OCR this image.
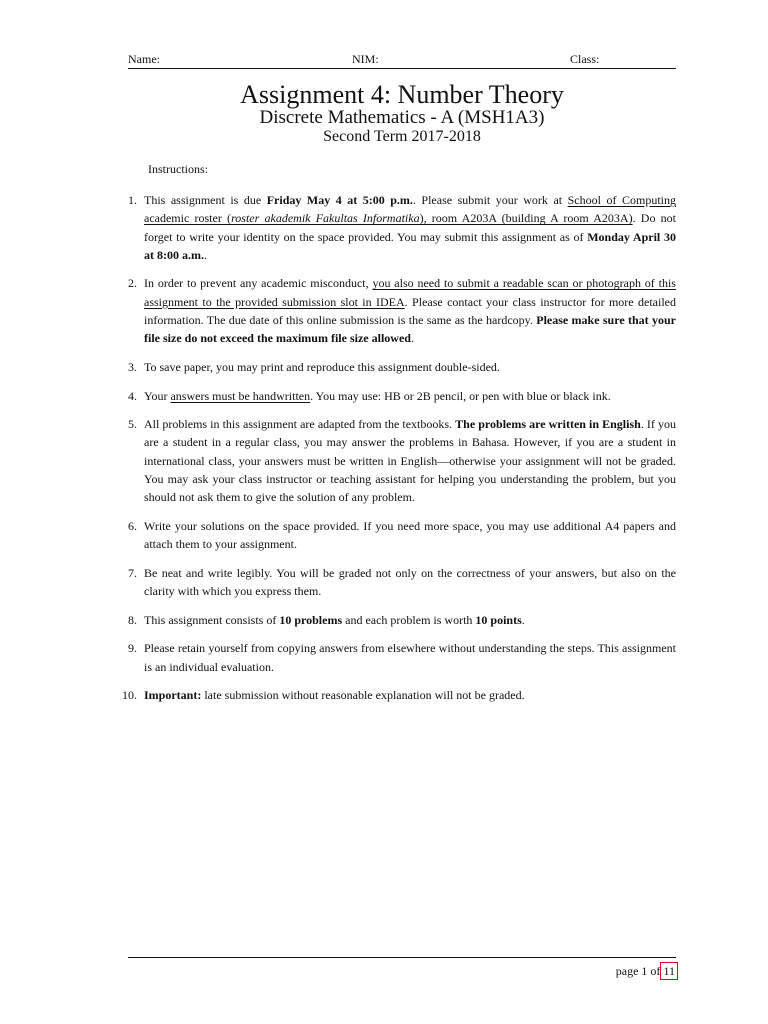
Name:	NIM:	Class:
Assignment 4: Number Theory
Discrete Mathematics - A (MSH1A3)
Second Term 2017-2018
Instructions:
1. This assignment is due Friday May 4 at 5:00 p.m.. Please submit your work at School of Computing academic roster (roster akademik Fakultas Informatika), room A203A (building A room A203A). Do not forget to write your identity on the space provided. You may submit this assignment as of Monday April 30 at 8:00 a.m..
2. In order to prevent any academic misconduct, you also need to submit a readable scan or photograph of this assignment to the provided submission slot in IDEA. Please contact your class instructor for more detailed information. The due date of this online submission is the same as the hardcopy. Please make sure that your file size do not exceed the maximum file size allowed.
3. To save paper, you may print and reproduce this assignment double-sided.
4. Your answers must be handwritten. You may use: HB or 2B pencil, or pen with blue or black ink.
5. All problems in this assignment are adapted from the textbooks. The problems are written in English. If you are a student in a regular class, you may answer the problems in Bahasa. However, if you are a student in international class, your answers must be written in English—otherwise your assignment will not be graded. You may ask your class instructor or teaching assistant for helping you understanding the problem, but you should not ask them to give the solution of any problem.
6. Write your solutions on the space provided. If you need more space, you may use additional A4 papers and attach them to your assignment.
7. Be neat and write legibly. You will be graded not only on the correctness of your answers, but also on the clarity with which you express them.
8. This assignment consists of 10 problems and each problem is worth 10 points.
9. Please retain yourself from copying answers from elsewhere without understanding the steps. This assignment is an individual evaluation.
10. Important: late submission without reasonable explanation will not be graded.
page 1 of 11
